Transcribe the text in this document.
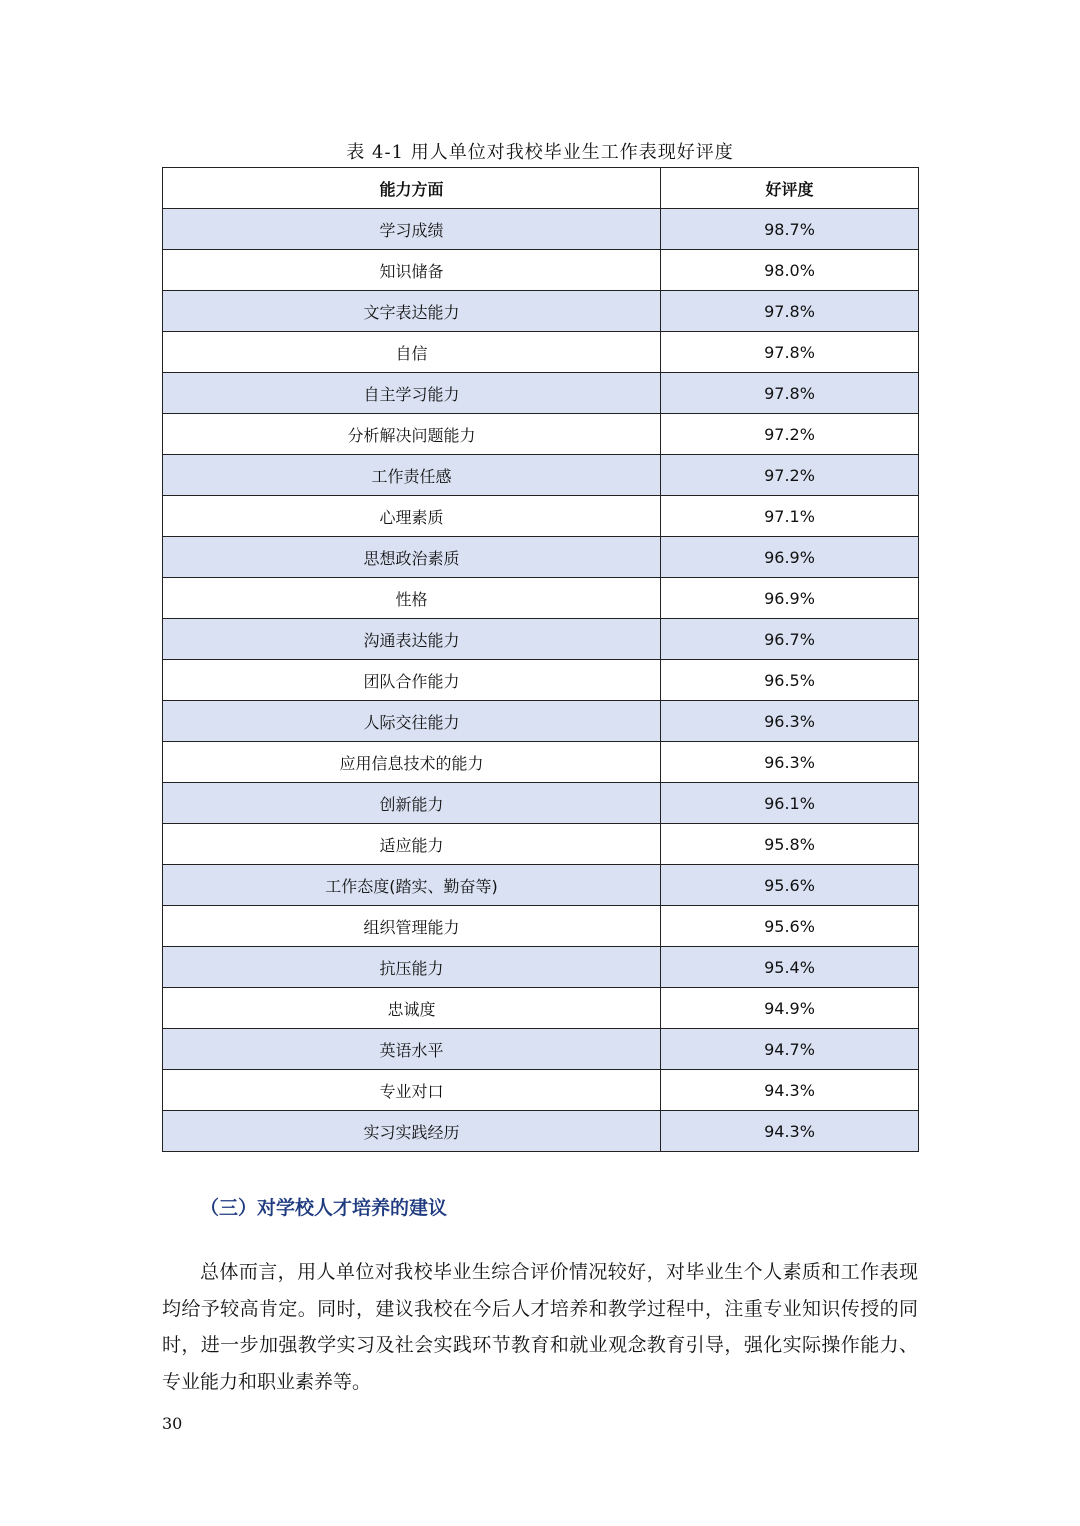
表 4-1 用人单位对我校毕业生工作表现好评度
能力方面	好评度
学习成绩	98.7%
知识储备	98.0%
文字表达能力	97.8%
自信	97.8%
自主学习能力	97.8%
分析解决问题能力	97.2%
工作责任感	97.2%
心理素质	97.1%
思想政治素质	96.9%
性格	96.9%
沟通表达能力	96.7%
团队合作能力	96.5%
人际交往能力	96.3%
应用信息技术的能力	96.3%
创新能力	96.1%
适应能力	95.8%
工作态度(踏实、勤奋等)	95.6%
组织管理能力	95.6%
抗压能力	95.4%
忠诚度	94.9%
英语水平	94.7%
专业对口	94.3%
实习实践经历	94.3%
（三）对学校人才培养的建议

总体而言，用人单位对我校毕业生综合评价情况较好，对毕业生个人素质和工作表现均给予较高肯定。同时，建议我校在今后人才培养和教学过程中，注重专业知识传授的同时，进一步加强教学实习及社会实践环节教育和就业观念教育引导，强化实际操作能力、专业能力和职业素养等。

30
